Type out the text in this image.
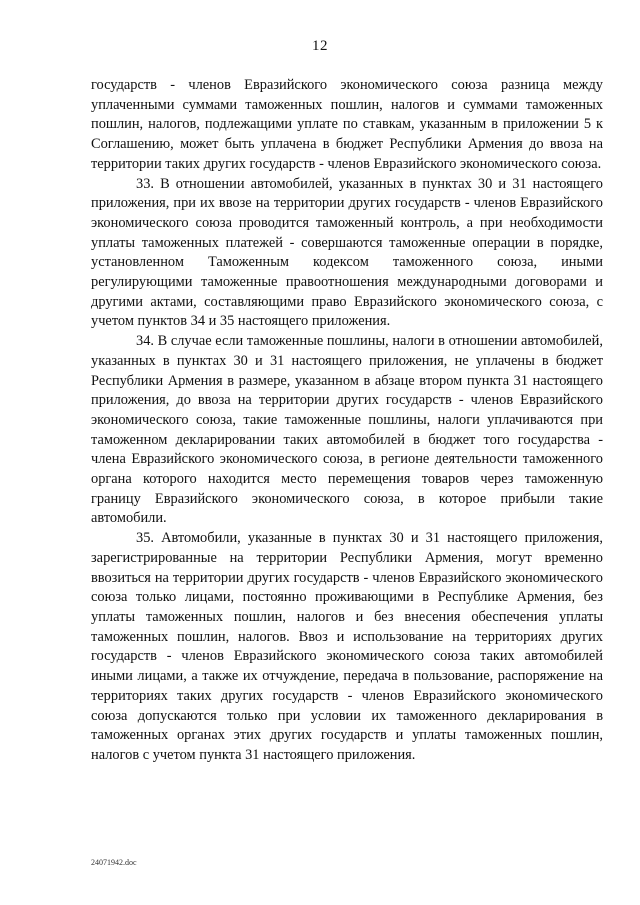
12

государств - членов Евразийского экономического союза разница между уплаченными суммами таможенных пошлин, налогов и суммами таможенных пошлин, налогов, подлежащими уплате по ставкам, указанным в приложении 5 к Соглашению, может быть уплачена в бюджет Республики Армения до ввоза на территории таких других государств - членов Евразийского экономического союза.

33. В отношении автомобилей, указанных в пунктах 30 и 31 настоящего приложения, при их ввозе на территории других государств - членов Евразийского экономического союза проводится таможенный контроль, а при необходимости уплаты таможенных платежей - совершаются таможенные операции в порядке, установленном Таможенным кодексом таможенного союза, иными регулирующими таможенные правоотношения международными договорами и другими актами, составляющими право Евразийского экономического союза, с учетом пунктов 34 и 35 настоящего приложения.

34. В случае если таможенные пошлины, налоги в отношении автомобилей, указанных в пунктах 30 и 31 настоящего приложения, не уплачены в бюджет Республики Армения в размере, указанном в абзаце втором пункта 31 настоящего приложения, до ввоза на территории других государств - членов Евразийского экономического союза, такие таможенные пошлины, налоги уплачиваются при таможенном декларировании таких автомобилей в бюджет того государства - члена Евразийского экономического союза, в регионе деятельности таможенного органа которого находится место перемещения товаров через таможенную границу Евразийского экономического союза, в которое прибыли такие автомобили.

35. Автомобили, указанные в пунктах 30 и 31 настоящего приложения, зарегистрированные на территории Республики Армения, могут временно ввозиться на территории других государств - членов Евразийского экономического союза только лицами, постоянно проживающими в Республике Армения, без уплаты таможенных пошлин, налогов и без внесения обеспечения уплаты таможенных пошлин, налогов. Ввоз и использование на территориях других государств - членов Евразийского экономического союза таких автомобилей иными лицами, а также их отчуждение, передача в пользование, распоряжение на территориях таких других государств - членов Евразийского экономического союза допускаются только при условии их таможенного декларирования в таможенных органах этих других государств и уплаты таможенных пошлин, налогов с учетом пункта 31 настоящего приложения.

24071942.doc
